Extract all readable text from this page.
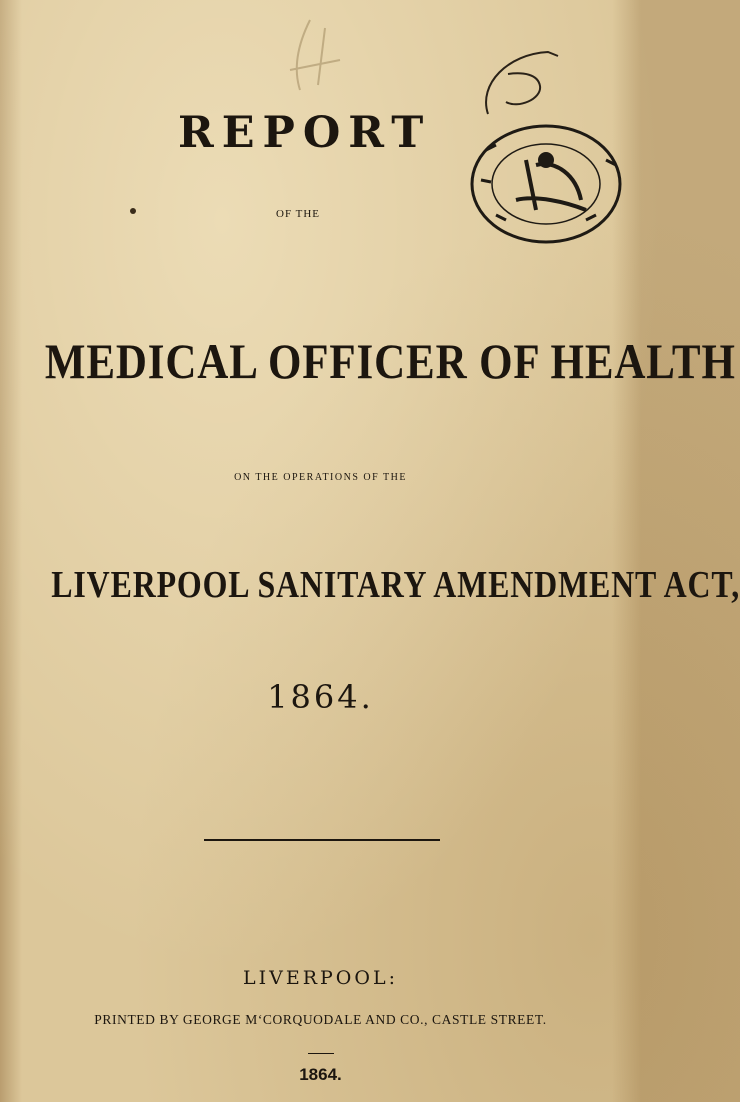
REPORT
OF THE
MEDICAL OFFICER OF HEALTH
ON THE OPERATIONS OF THE
LIVERPOOL SANITARY AMENDMENT ACT,
1864.
LIVERPOOL:
PRINTED BY GEORGE M‘CORQUODALE AND CO., CASTLE STREET.
1864.
